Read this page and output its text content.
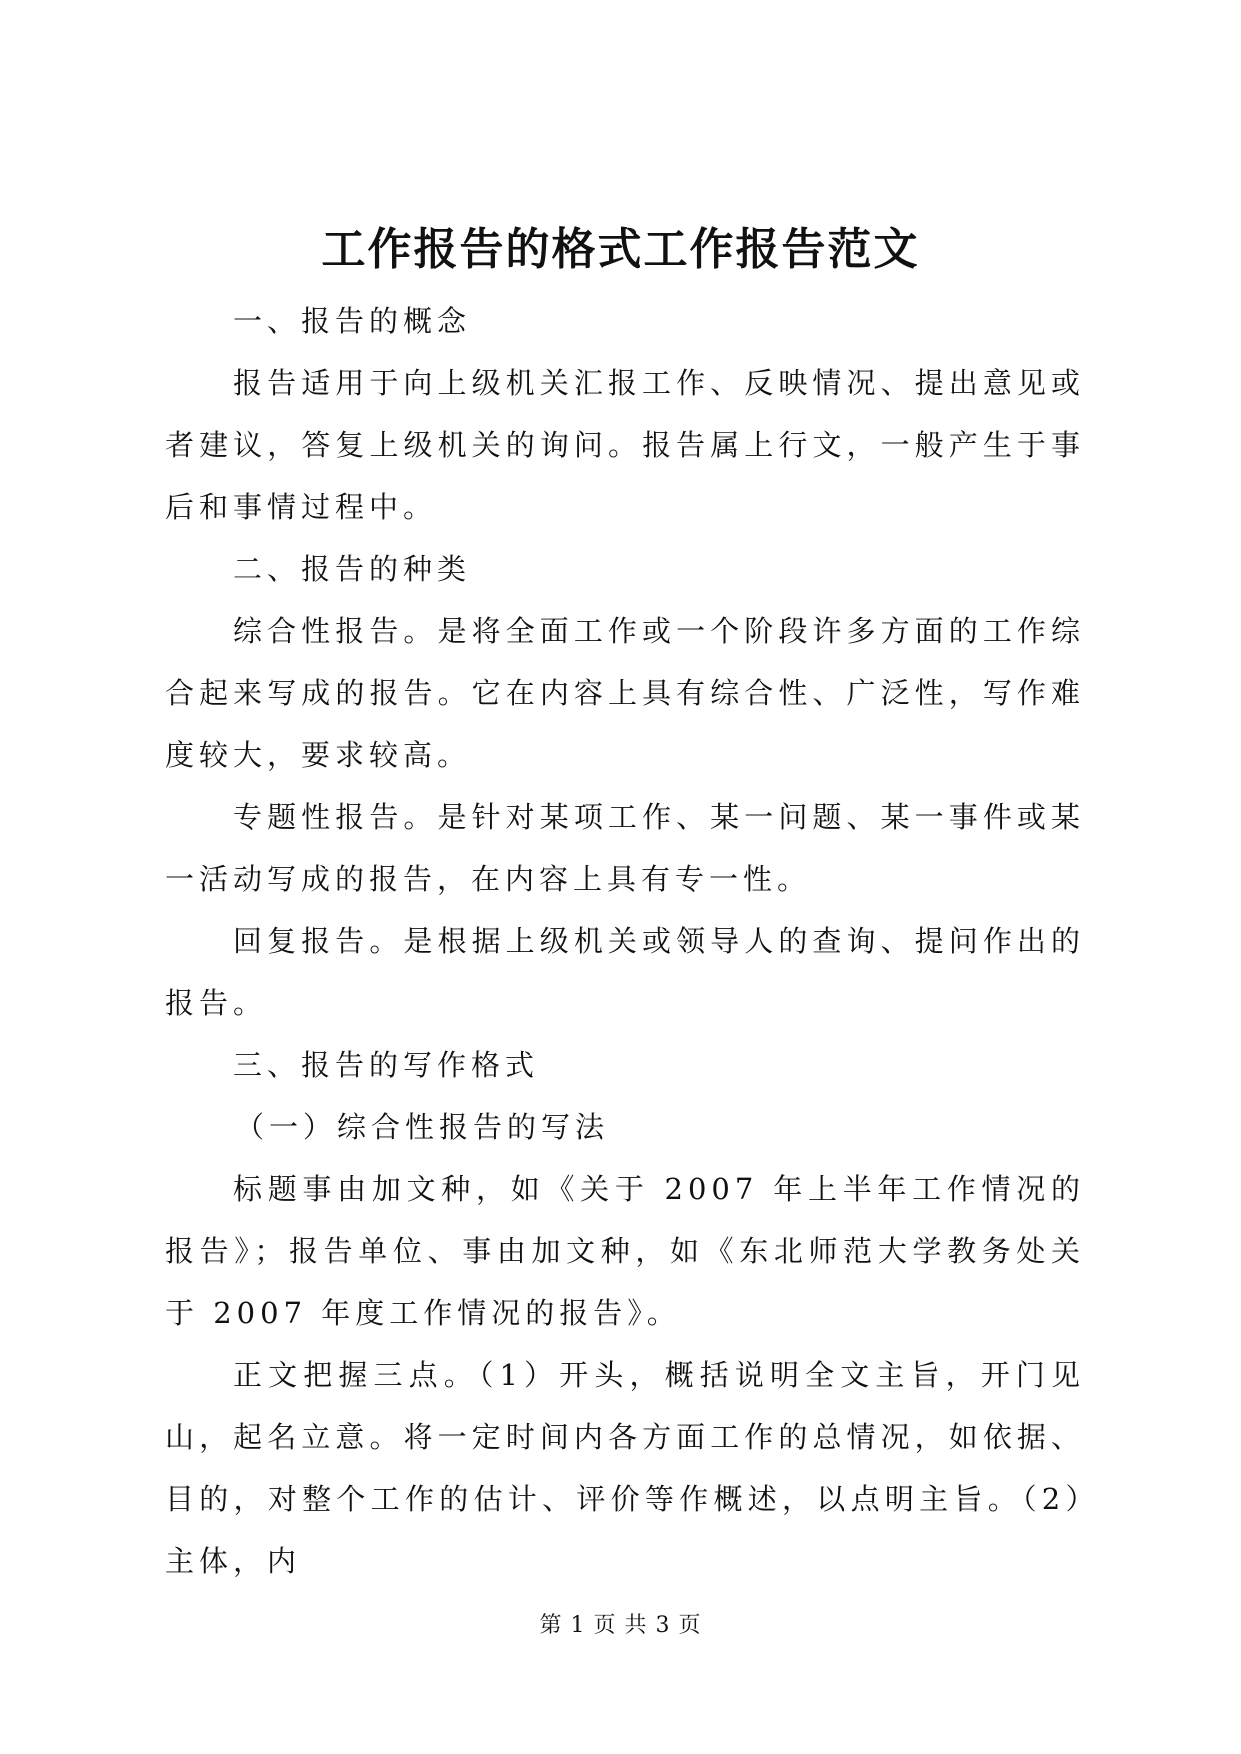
工作报告的格式工作报告范文

一、报告的概念

报告适用于向上级机关汇报工作、反映情况、提出意见或者建议，答复上级机关的询问。报告属上行文，一般产生于事后和事情过程中。

二、报告的种类

综合性报告。是将全面工作或一个阶段许多方面的工作综合起来写成的报告。它在内容上具有综合性、广泛性，写作难度较大，要求较高。

专题性报告。是针对某项工作、某一问题、某一事件或某一活动写成的报告，在内容上具有专一性。

回复报告。是根据上级机关或领导人的查询、提问作出的报告。

三、报告的写作格式

（一）综合性报告的写法

标题事由加文种，如《关于 2007 年上半年工作情况的报告》；报告单位、事由加文种，如《东北师范大学教务处关于 2007 年度工作情况的报告》。

正文把握三点。（1）开头，概括说明全文主旨，开门见山，起名立意。将一定时间内各方面工作的总情况，如依据、目的，对整个工作的估计、评价等作概述，以点明主旨。（2）主体，内

第 1 页 共 3 页
